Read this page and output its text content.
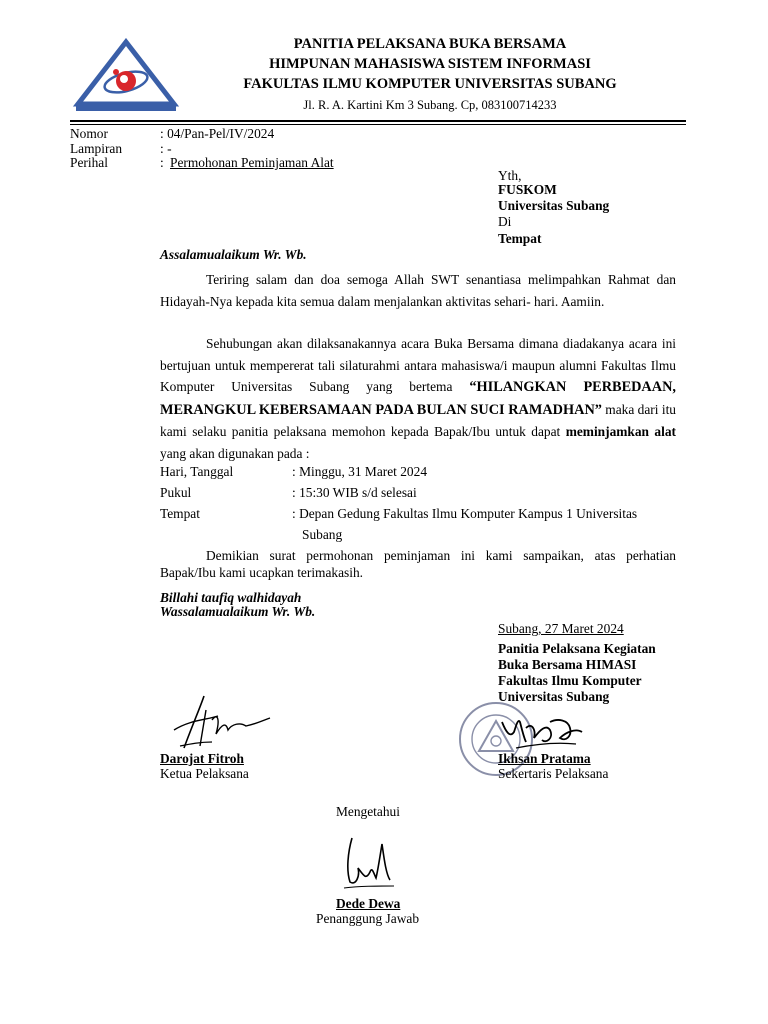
PANITIA PELAKSANA BUKA BERSAMA
HIMPUNAN MAHASISWA SISTEM INFORMASI
FAKULTAS ILMU KOMPUTER UNIVERSITAS SUBANG
Jl. R. A. Kartini Km 3 Subang. Cp, 083100714233
Nomor	: 04/Pan-Pel/IV/2024
Lampiran	: -
Perihal	: Permohonan Peminjaman Alat
Yth,
FUSKOM
Universitas Subang
Di
Tempat
Assalamualaikum Wr. Wb.
Teriring salam dan doa semoga Allah SWT senantiasa melimpahkan Rahmat dan Hidayah-Nya kepada kita semua dalam menjalankan aktivitas sehari- hari. Aamiin.
Sehubungan akan dilaksanakannya acara Buka Bersama dimana diadakanya acara ini bertujuan untuk mempererat tali silaturahmi antara mahasiswa/i maupun alumni Fakultas Ilmu Komputer Universitas Subang yang bertema “HILANGKAN PERBEDAAN, MERANGKUL KEBERSAMAAN PADA BULAN SUCI RAMADHAN” maka dari itu kami selaku panitia pelaksana memohon kepada Bapak/Ibu untuk dapat meminjamkan alat yang akan digunakan pada :
Hari, Tanggal	: Minggu, 31 Maret 2024
Pukul	: 15:30 WIB s/d selesai
Tempat	: Depan Gedung Fakultas Ilmu Komputer Kampus 1 Universitas
Subang
Demikian surat permohonan peminjaman ini kami sampaikan, atas perhatian Bapak/Ibu kami ucapkan terimakasih.
Billahi taufiq walhidayah
Wassalamualaikum Wr. Wb.
Subang, 27 Maret 2024
Panitia Pelaksana Kegiatan
Buka Bersama HIMASI
Fakultas Ilmu Komputer
Universitas Subang
Darojat Fitroh
Ketua Pelaksana
Ikhsan Pratama
Sekertaris Pelaksana
Mengetahui
Dede Dewa
Penanggung Jawab
